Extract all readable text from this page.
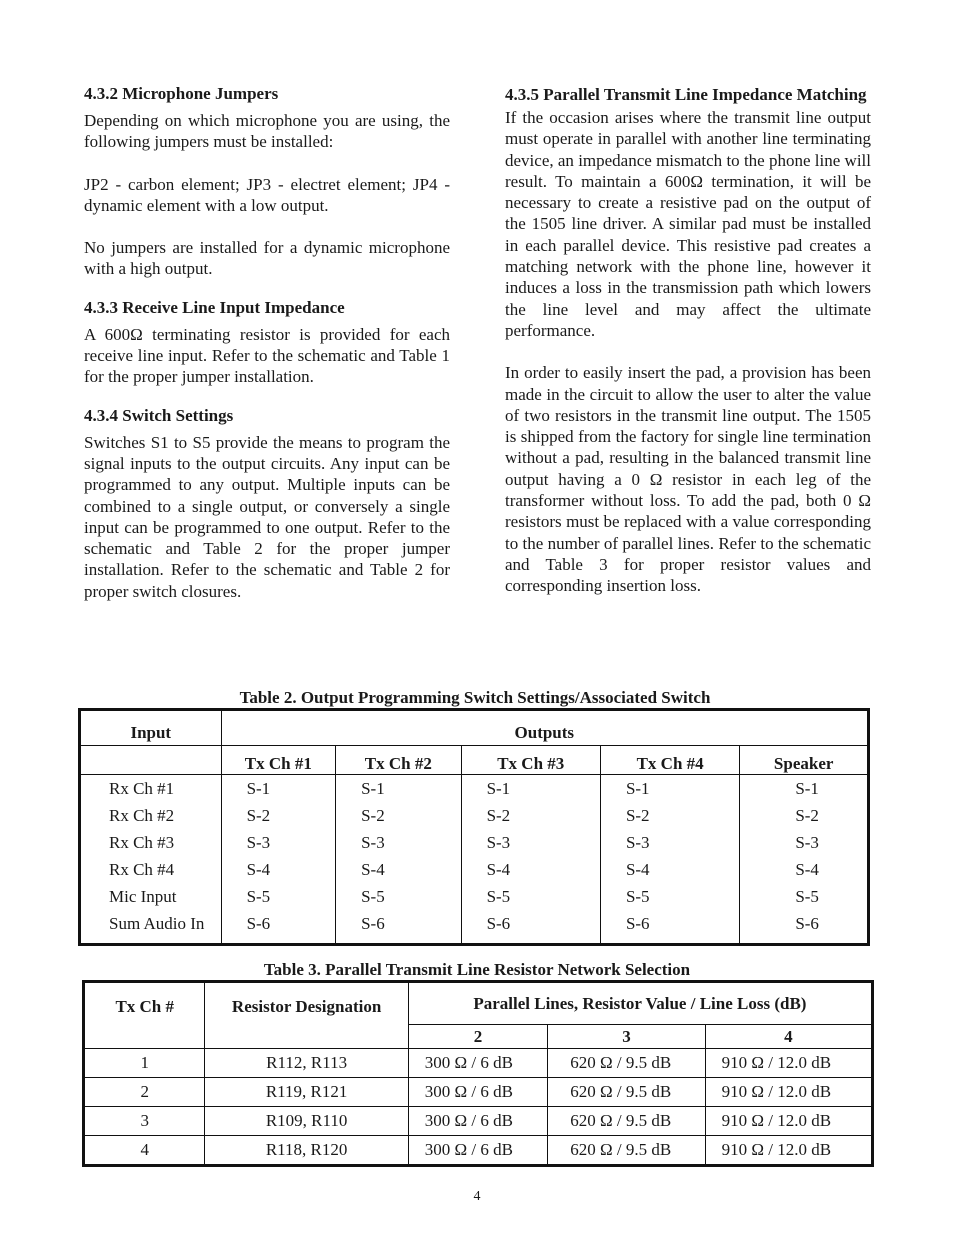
4.3.2 Microphone Jumpers

Depending on which microphone you are using, the following jumpers must be installed:

JP2 - carbon element; JP3 - electret element; JP4 - dynamic element with a low output.

No jumpers are installed for a dynamic microphone with a high output.

4.3.3 Receive Line Input Impedance

A 600Ω terminating resistor is provided for each receive line input. Refer to the schematic and Table 1 for the proper jumper installation.

4.3.4 Switch Settings

Switches S1 to S5 provide the means to program the signal inputs to the output circuits. Any input can be programmed to any output. Multiple inputs can be combined to a single output, or conversely a single input can be programmed to one output. Refer to the schematic and Table 2 for the proper jumper installation. Refer to the schematic and Table 2 for proper switch closures.

4.3.5 Parallel Transmit Line Impedance Matching

If the occasion arises where the transmit line output must operate in parallel with another line terminating device, an impedance mismatch to the phone line will result. To maintain a 600Ω termination, it will be necessary to create a resistive pad on the output of the 1505 line driver. A similar pad must be installed in each parallel device. This resistive pad creates a matching network with the phone line, however it induces a loss in the transmission path which lowers the line level and may affect the ultimate performance.

In order to easily insert the pad, a provision has been made in the circuit to allow the user to alter the value of two resistors in the transmit line output. The 1505 is shipped from the factory for single line termination without a pad, resulting in the balanced transmit line output having a 0 Ω resistor in each leg of the transformer without loss. To add the pad, both 0 Ω resistors must be replaced with a value corresponding to the number of parallel lines. Refer to the schematic and Table 3 for proper resistor values and corresponding insertion loss.

Table 2. Output Programming Switch Settings/Associated Switch
Input	Outputs				
	Tx Ch #1	Tx Ch #2	Tx Ch #3	Tx Ch #4	Speaker
Rx Ch #1	S-1	S-1	S-1	S-1	S-1
Rx Ch #2	S-2	S-2	S-2	S-2	S-2
Rx Ch #3	S-3	S-3	S-3	S-3	S-3
Rx Ch #4	S-4	S-4	S-4	S-4	S-4
Mic Input	S-5	S-5	S-5	S-5	S-5
Sum Audio In	S-6	S-6	S-6	S-6	S-6
Table 3. Parallel Transmit Line Resistor Network Selection
Tx Ch #	Resistor Designation	Parallel Lines, Resistor Value / Line Loss (dB)		
		2	3	4
1	R112, R113	300 Ω / 6 dB	620 Ω / 9.5 dB	910 Ω / 12.0 dB
2	R119, R121	300 Ω / 6 dB	620 Ω / 9.5 dB	910 Ω / 12.0 dB
3	R109, R110	300 Ω / 6 dB	620 Ω / 9.5 dB	910 Ω / 12.0 dB
4	R118, R120	300 Ω / 6 dB	620 Ω / 9.5 dB	910 Ω / 12.0 dB
4
